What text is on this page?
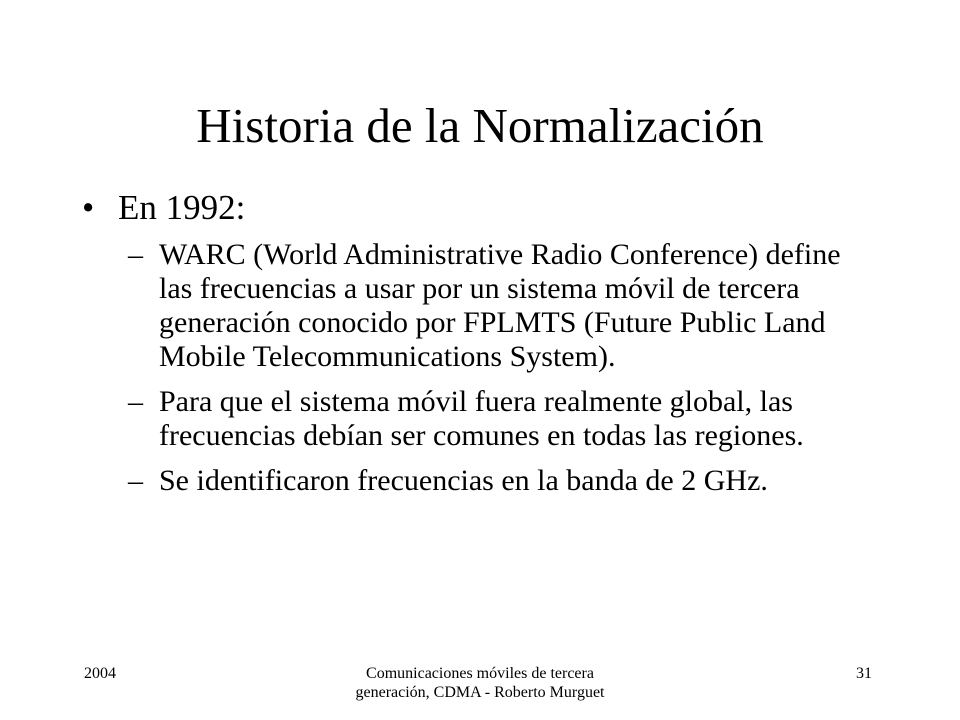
Historia de la Normalización
• En 1992:
– WARC (World Administrative Radio Conference) define las frecuencias a usar por un sistema móvil de tercera generación conocido por FPLMTS (Future Public Land Mobile Telecommunications System).
– Para que el sistema móvil fuera realmente global, las frecuencias debían ser comunes en todas las regiones.
– Se identificaron frecuencias en la banda de 2 GHz.
2004	Comunicaciones móviles de tercera generación, CDMA - Roberto Murguet
31
